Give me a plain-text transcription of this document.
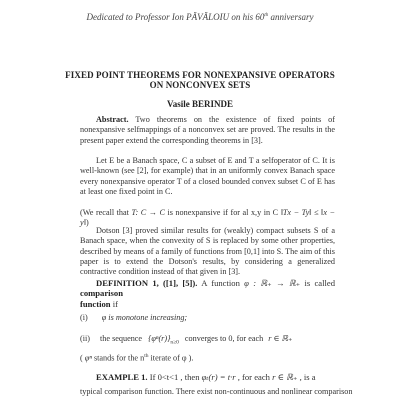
Dedicated to Professor Ion PĂVĂLOIU on his 60th anniversary
FIXED POINT THEOREMS FOR NONEXPANSIVE OPERATORS
ON NONCONVEX SETS
Vasile BERINDE
Abstract. Two theorems on the existence of fixed points of nonexpansive selfmappings of a nonconvex set are proved. The results in the present paper extend the corresponding theorems in [3].
Let E be a Banach space, C a subset of E and T a selfoperator of C. It is well-known (see [2], for example) that in an uniformly convex Banach space every nonexpansive operator T of a closed bounded convex subset C of E has at least one fixed point in C.
(We recall that T: C → C is nonexpansive if for al x,y in C ‖Tx − Ty‖ ≤ ‖x − y‖)
Dotson [3] proved similar results for (weakly) compact subsets S of a Banach space, when the convexity of S is replaced by some other properties, described by means of a family of functions from [0,1] into S. The aim of this paper is to extend the Dotson's results, by considering a generalized contractive condition instead of that given in [3].
DEFINITION 1, ([1], [5]). A function φ : ℝ₊ → ℝ₊ is called comparison
function if
(i) φ is monotone increasing;
(ii) the sequence $\{\varphi^n(r)\}_{n\ge 0}$ converges to 0, for each r ∈ ℝ₊
( φⁿ stands for the $n^{th}$ iterate of φ ).
EXAMPLE 1. If 0<t<1 , then φₜ(r) = t·r , for each r ∈ ℝ₊ , is a
typical comparison function. There exist non-continuous and nonlinear comparison
